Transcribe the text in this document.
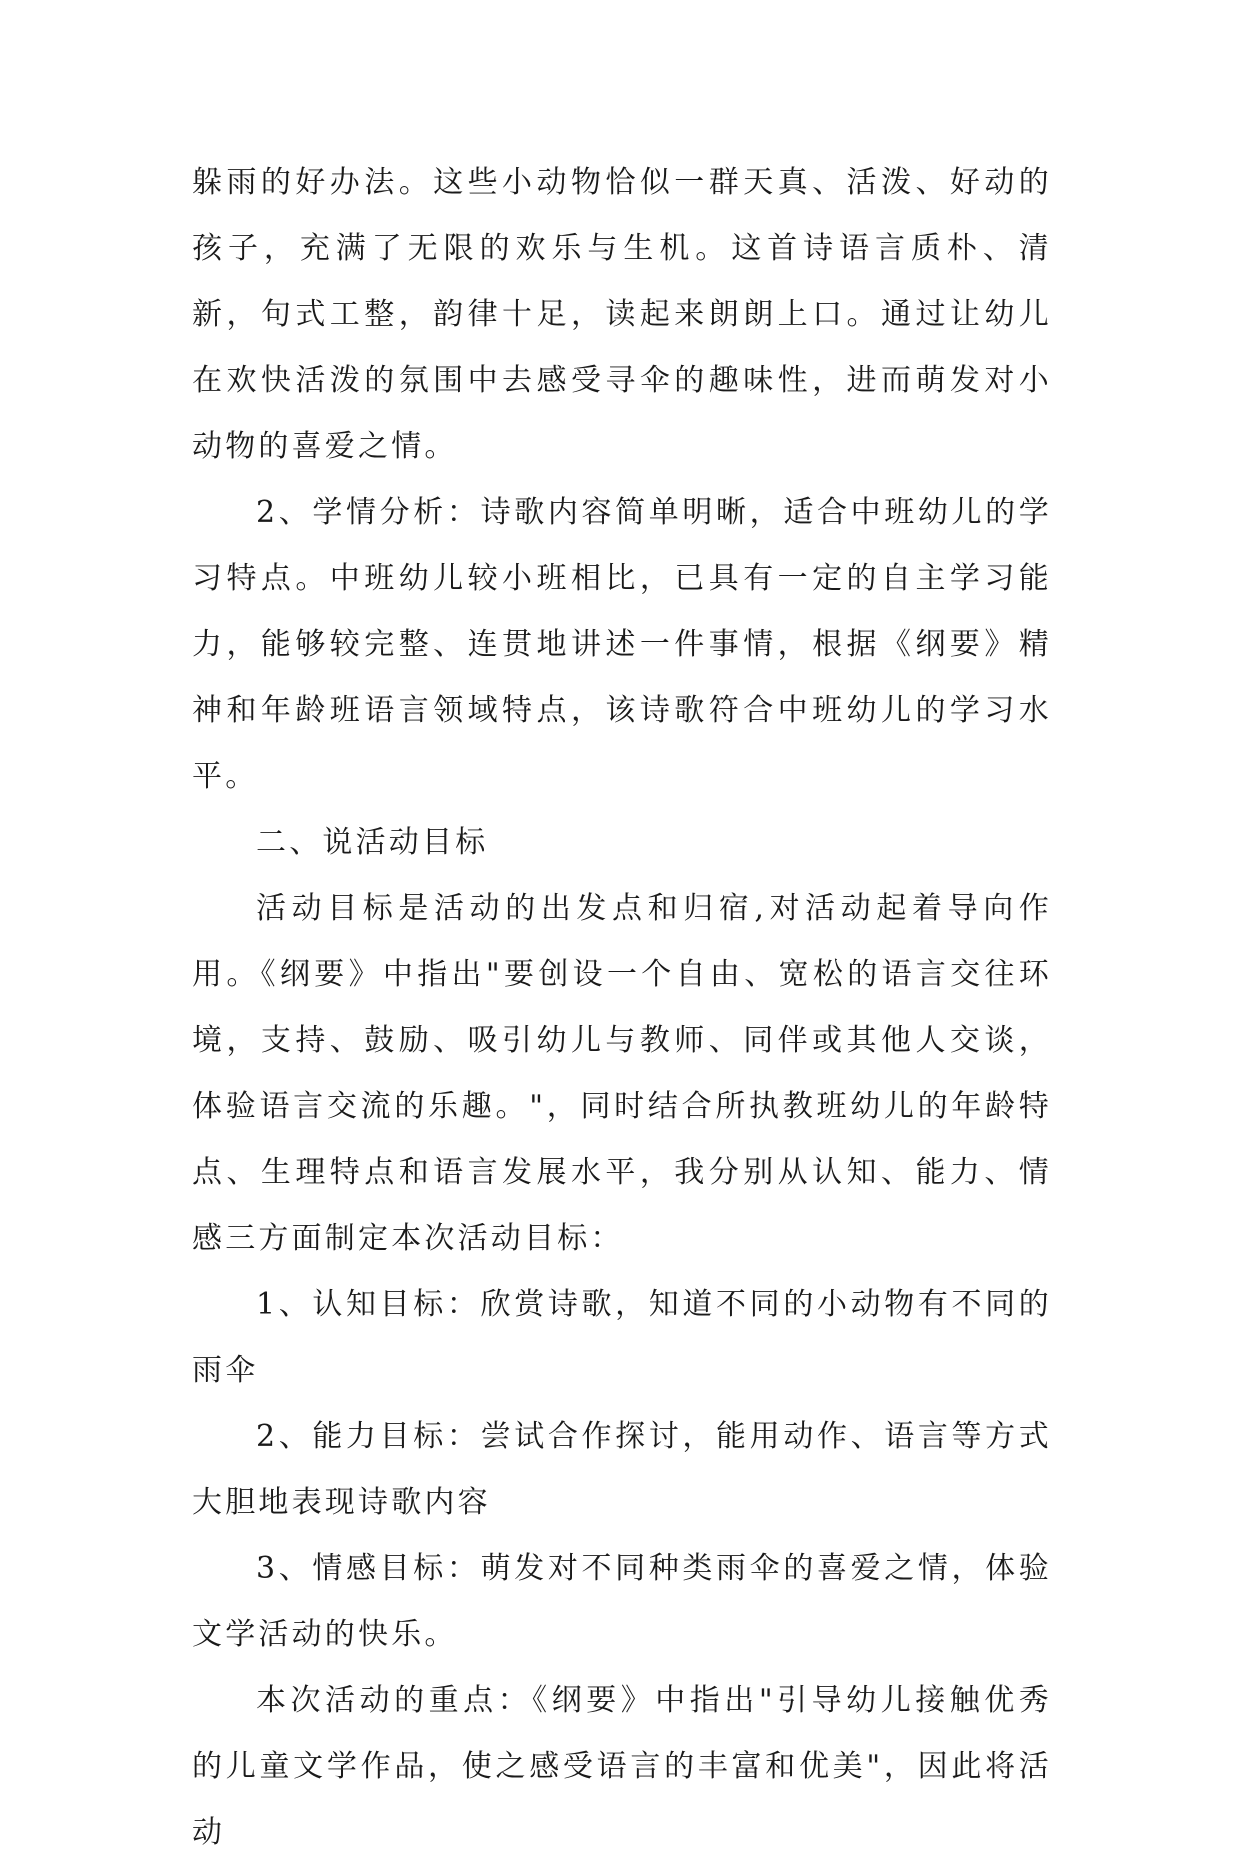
躲雨的好办法。这些小动物恰似一群天真、活泼、好动的孩子，充满了无限的欢乐与生机。这首诗语言质朴、清新，句式工整，韵律十足，读起来朗朗上口。通过让幼儿在欢快活泼的氛围中去感受寻伞的趣味性，进而萌发对小动物的喜爱之情。

2、学情分析：诗歌内容简单明晰，适合中班幼儿的学习特点。中班幼儿较小班相比，已具有一定的自主学习能力，能够较完整、连贯地讲述一件事情，根据《纲要》精神和年龄班语言领域特点，该诗歌符合中班幼儿的学习水平。

二、说活动目标

活动目标是活动的出发点和归宿,对活动起着导向作用。《纲要》中指出"要创设一个自由、宽松的语言交往环境，支持、鼓励、吸引幼儿与教师、同伴或其他人交谈，体验语言交流的乐趣。"，同时结合所执教班幼儿的年龄特点、生理特点和语言发展水平，我分别从认知、能力、情感三方面制定本次活动目标：

1、认知目标：欣赏诗歌，知道不同的小动物有不同的雨伞

2、能力目标：尝试合作探讨，能用动作、语言等方式大胆地表现诗歌内容

3、情感目标：萌发对不同种类雨伞的喜爱之情，体验文学活动的快乐。

本次活动的重点：《纲要》中指出"引导幼儿接触优秀的儿童文学作品，使之感受语言的丰富和优美"，因此将活动
